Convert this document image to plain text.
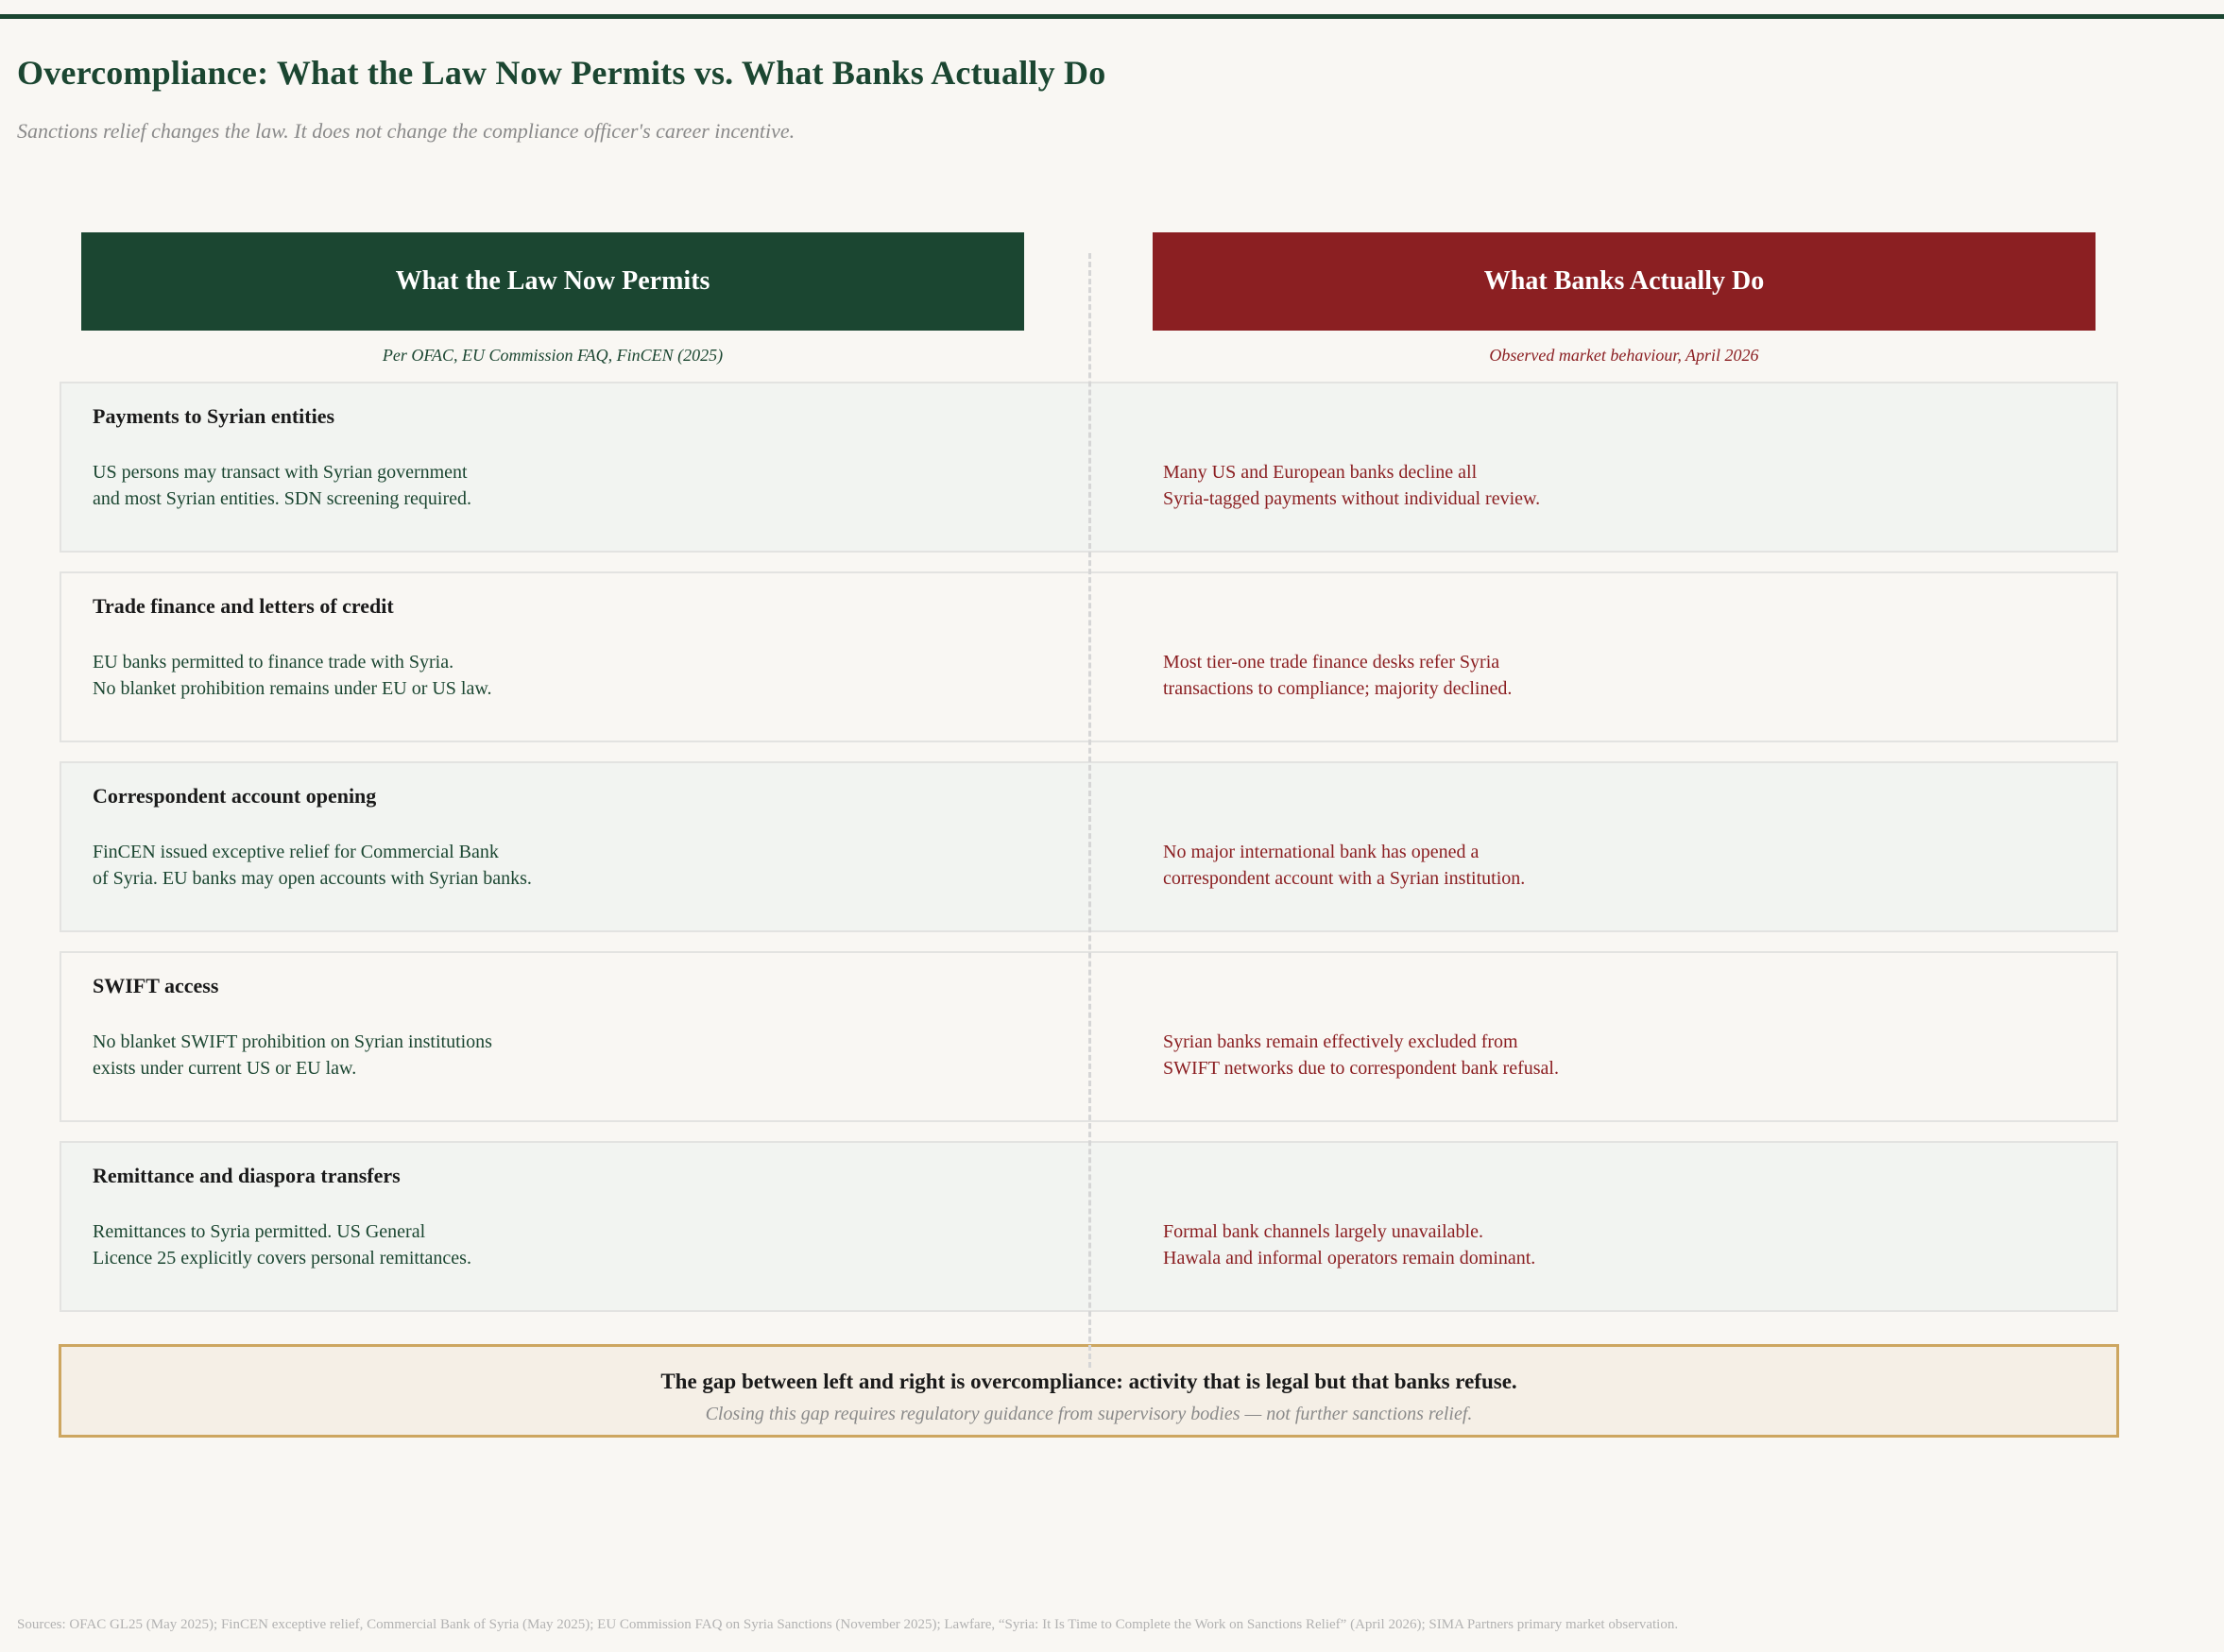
Overcompliance: What the Law Now Permits vs. What Banks Actually Do
Sanctions relief changes the law. It does not change the compliance officer's career incentive.
What the Law Now Permits	What Banks Actually Do
Per OFAC, EU Commission FAQ, FinCEN (2025)	Observed market behaviour, April 2026
Payments to Syrian entities
US persons may transact with Syrian government
and most Syrian entities. SDN screening required.
Many US and European banks decline all
Syria-tagged payments without individual review.
Trade finance and letters of credit
EU banks permitted to finance trade with Syria.
No blanket prohibition remains under EU or US law.
Most tier-one trade finance desks refer Syria
transactions to compliance; majority declined.
Correspondent account opening
FinCEN issued exceptive relief for Commercial Bank
of Syria. EU banks may open accounts with Syrian banks.
No major international bank has opened a
correspondent account with a Syrian institution.
SWIFT access
No blanket SWIFT prohibition on Syrian institutions
exists under current US or EU law.
Syrian banks remain effectively excluded from
SWIFT networks due to correspondent bank refusal.
Remittance and diaspora transfers
Remittances to Syria permitted. US General
Licence 25 explicitly covers personal remittances.
Formal bank channels largely unavailable.
Hawala and informal operators remain dominant.
The gap between left and right is overcompliance: activity that is legal but that banks refuse.
Closing this gap requires regulatory guidance from supervisory bodies — not further sanctions relief.
Sources: OFAC GL25 (May 2025); FinCEN exceptive relief, Commercial Bank of Syria (May 2025); EU Commission FAQ on Syria Sanctions (November 2025); Lawfare, “Syria: It Is Time to Complete the Work on Sanctions Relief” (April 2026); SIMA Partners primary market observation.
